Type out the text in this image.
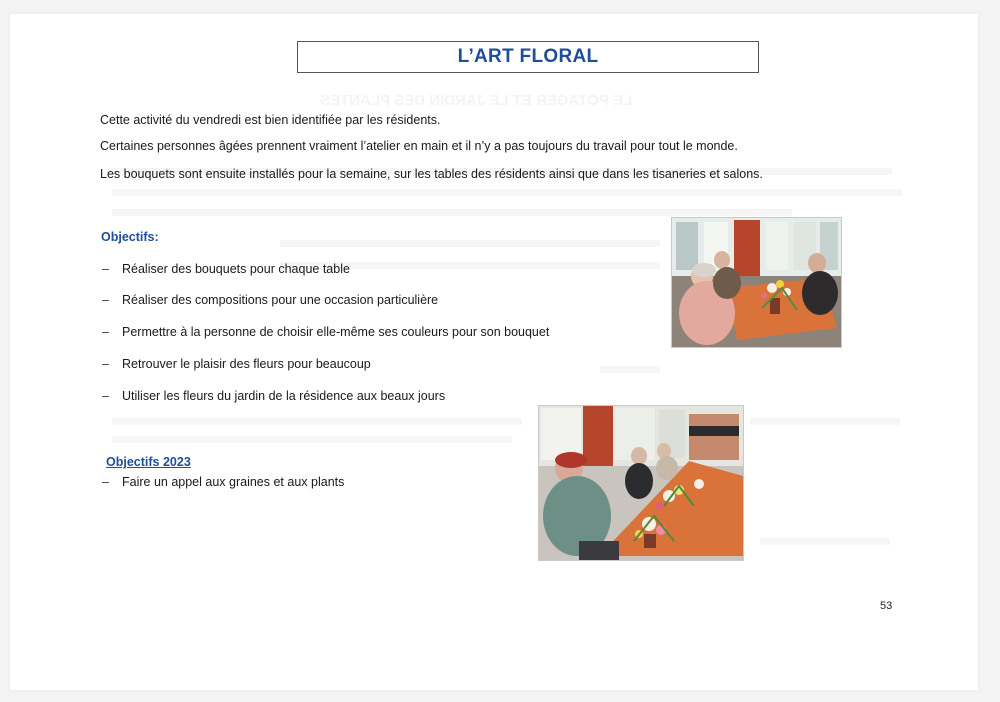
L’ART FLORAL
Cette activité du vendredi est bien identifiée par les résidents.
Certaines personnes âgées prennent vraiment l’atelier en main et il n’y a pas toujours du travail pour tout le monde.
Les bouquets sont ensuite installés pour la semaine, sur les tables des résidents ainsi que dans les tisaneries et salons.
Objectifs:
–	Réaliser des bouquets pour chaque table
–	Réaliser des compositions pour une occasion particulière
–	Permettre à la personne de choisir elle-même ses couleurs pour son bouquet
–	Retrouver le plaisir des fleurs pour beaucoup
–	Utiliser les fleurs du jardin de la résidence aux beaux jours
Objectifs 2023
–	Faire un appel aux graines et aux plants
53
